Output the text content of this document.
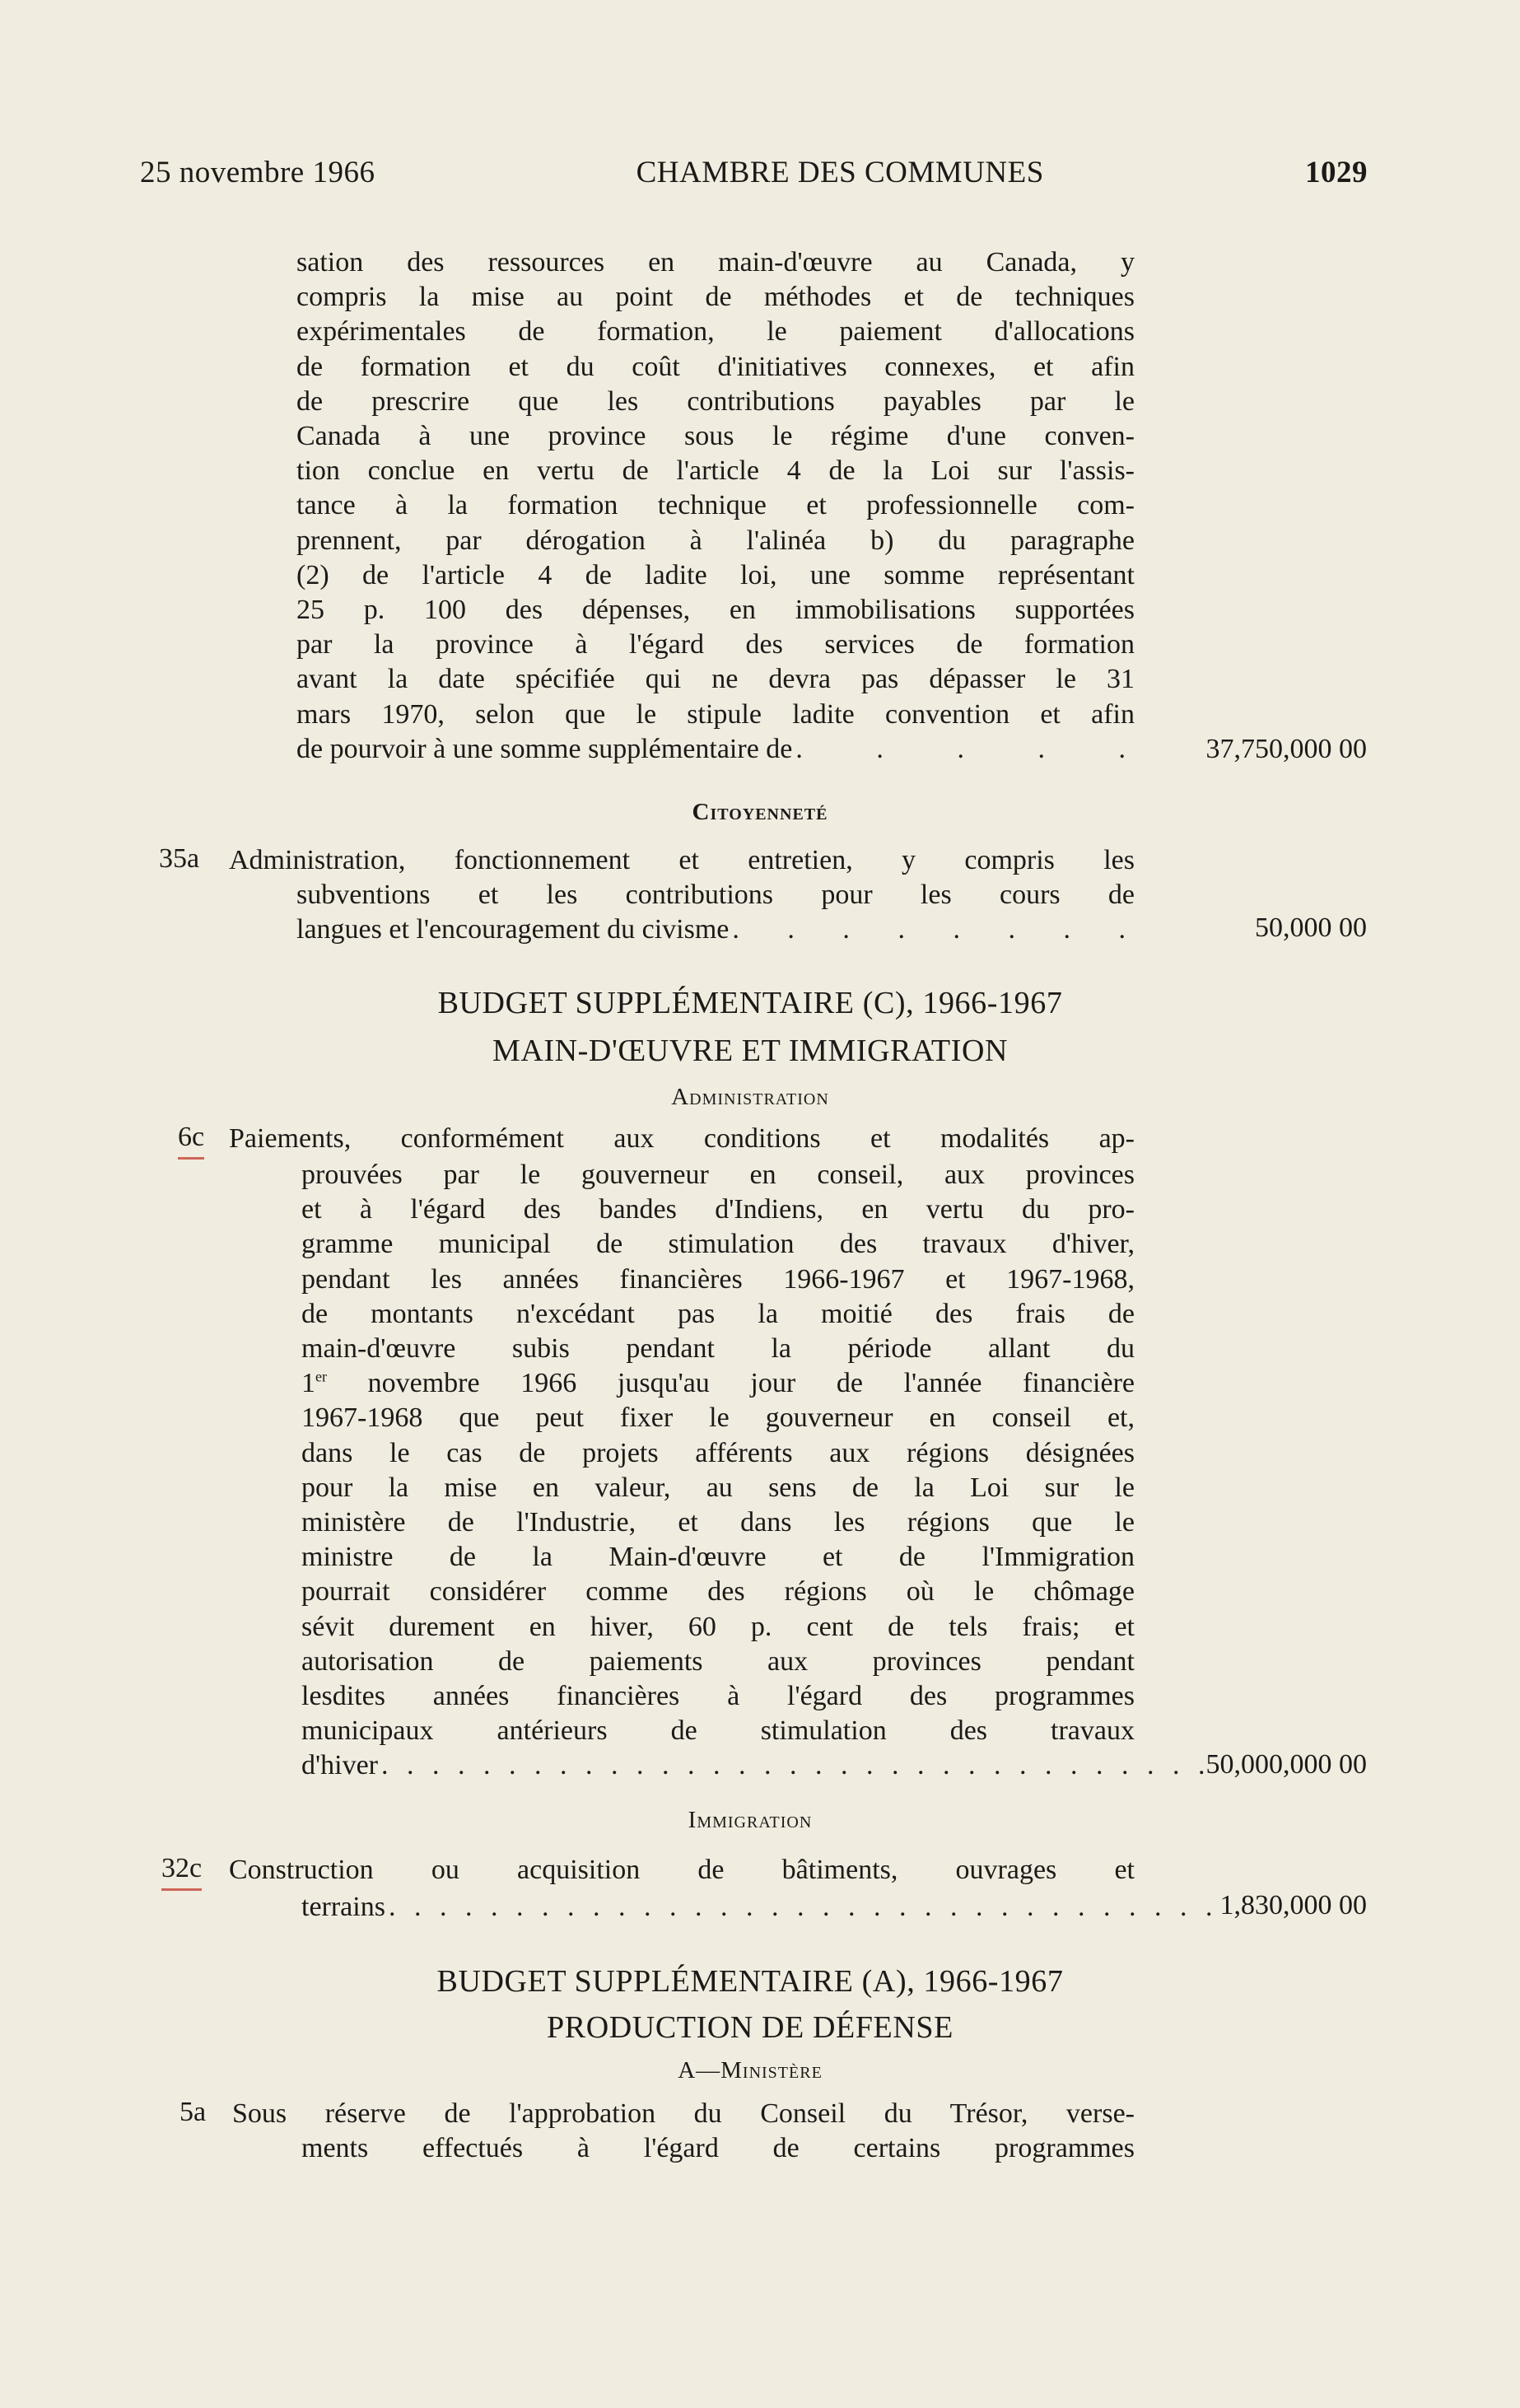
25 novembre 1966	CHAMBRE DES COMMUNES	1029
sation des ressources en main-d'œuvre au Canada, y
compris la mise au point de méthodes et de techniques
expérimentales de formation, le paiement d'allocations
de formation et du coût d'initiatives connexes, et afin
de prescrire que les contributions payables par le
Canada à une province sous le régime d'une conven-
tion conclue en vertu de l'article 4 de la Loi sur l'assis-
tance à la formation technique et professionnelle com-
prennent, par dérogation à l'alinéa b) du paragraphe
(2) de l'article 4 de ladite loi, une somme représentant
25 p. 100 des dépenses, en immobilisations supportées
par la province à l'égard des services de formation
avant la date spécifiée qui ne devra pas dépasser le 31
mars 1970, selon que le stipule ladite convention et afin
de pourvoir à une somme supplémentaire de . . . . .	37,750,000 00
Citoyenneté
35a Administration, fonctionnement et entretien, y compris les
subventions et les contributions pour les cours de
langues et l'encouragement du civisme . . . . . . . .	50,000 00
BUDGET SUPPLÉMENTAIRE (C), 1966-1967
MAIN-D'ŒUVRE ET IMMIGRATION
Administration
6c Paiements, conformément aux conditions et modalités ap-
prouvées par le gouverneur en conseil, aux provinces
et à l'égard des bandes d'Indiens, en vertu du pro-
gramme municipal de stimulation des travaux d'hiver,
pendant les années financières 1966-1967 et 1967-1968,
de montants n'excédant pas la moitié des frais de
main-d'œuvre subis pendant la période allant du
1er novembre 1966 jusqu'au jour de l'année financière
1967-1968 que peut fixer le gouverneur en conseil et,
dans le cas de projets afférents aux régions désignées
pour la mise en valeur, au sens de la Loi sur le
ministère de l'Industrie, et dans les régions que le
ministre de la Main-d'œuvre et de l'Immigration
pourrait considérer comme des régions où le chômage
sévit durement en hiver, 60 p. cent de tels frais; et
autorisation de paiements aux provinces pendant
lesdites années financières à l'égard des programmes
municipaux antérieurs de stimulation des travaux
d'hiver . . . . . . . . . . . . . . . . . . . . . . . . . . . . . . . . .
50,000,000 00
Immigration
32c Construction ou acquisition de bâtiments, ouvrages et
terrains . . . . . . . . . . . . . . . . . . . . . . . . . . . . . . . . . 1,830,000 00
BUDGET SUPPLÉMENTAIRE (A), 1966-1967
PRODUCTION DE DÉFENSE
A—Ministère
5a Sous réserve de l'approbation du Conseil du Trésor, verse-
ments effectués à l'égard de certains programmes
